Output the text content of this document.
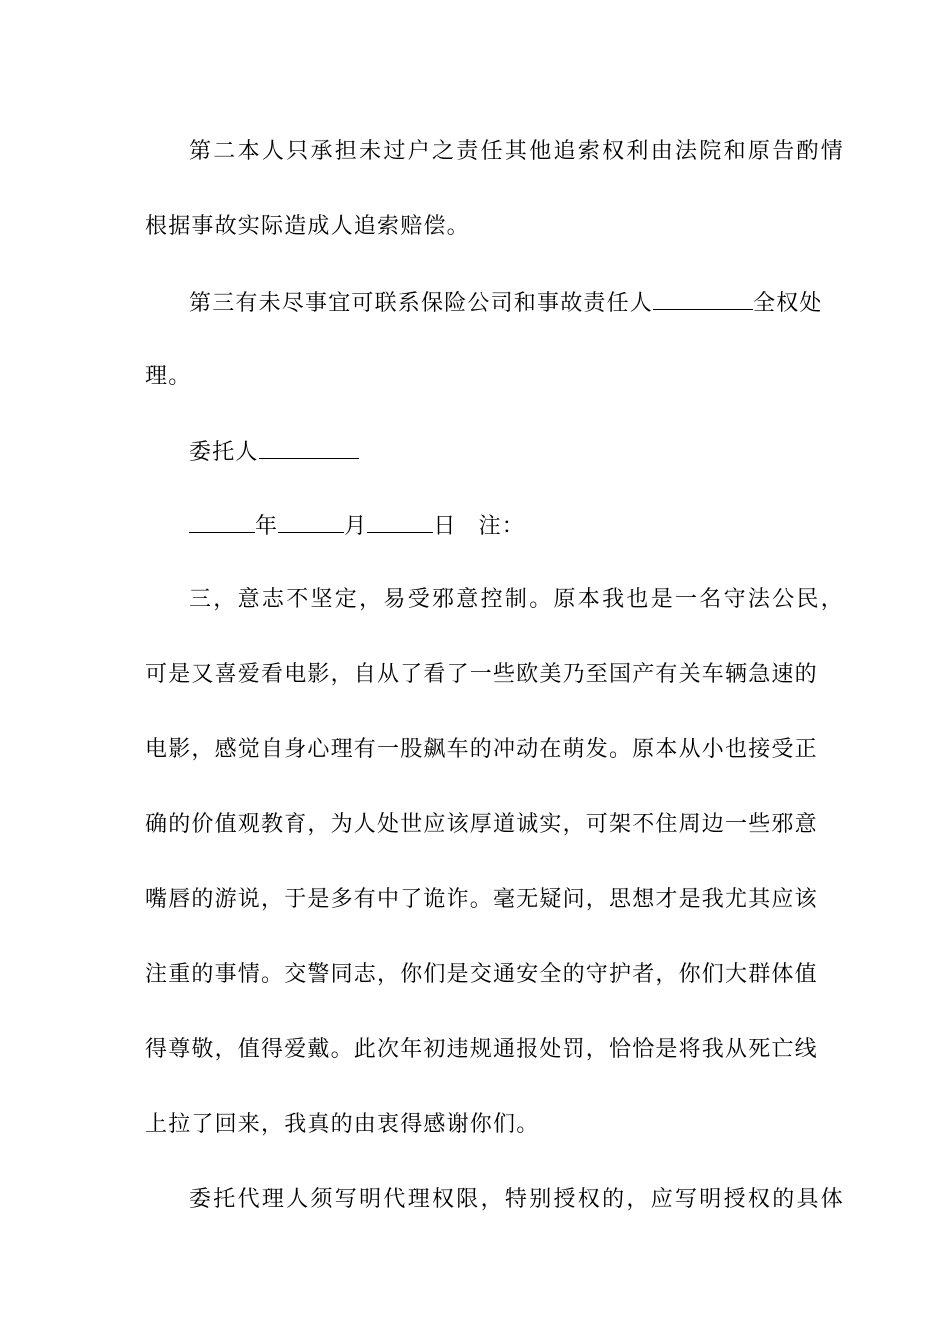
第二本人只承担未过户之责任其他追索权利由法院和原告酌情
根据事故实际造成人追索赔偿。
第三有未尽事宜可联系保险公司和事故责任人	全权处
理。
委托人
年	月	日 注：
三，意志不坚定，易受邪意控制。原本我也是一名守法公民，
可是又喜爱看电影，自从了看了一些欧美乃至国产有关车辆急速的
电影，感觉自身心理有一股飙车的冲动在萌发。原本从小也接受正
确的价值观教育，为人处世应该厚道诚实，可架不住周边一些邪意
嘴唇的游说，于是多有中了诡诈。毫无疑问，思想才是我尤其应该
注重的事情。交警同志，你们是交通安全的守护者，你们大群体值
得尊敬，值得爱戴。此次年初违规通报处罚，恰恰是将我从死亡线
上拉了回来，我真的由衷得感谢你们。
委托代理人须写明代理权限，特别授权的，应写明授权的具体
